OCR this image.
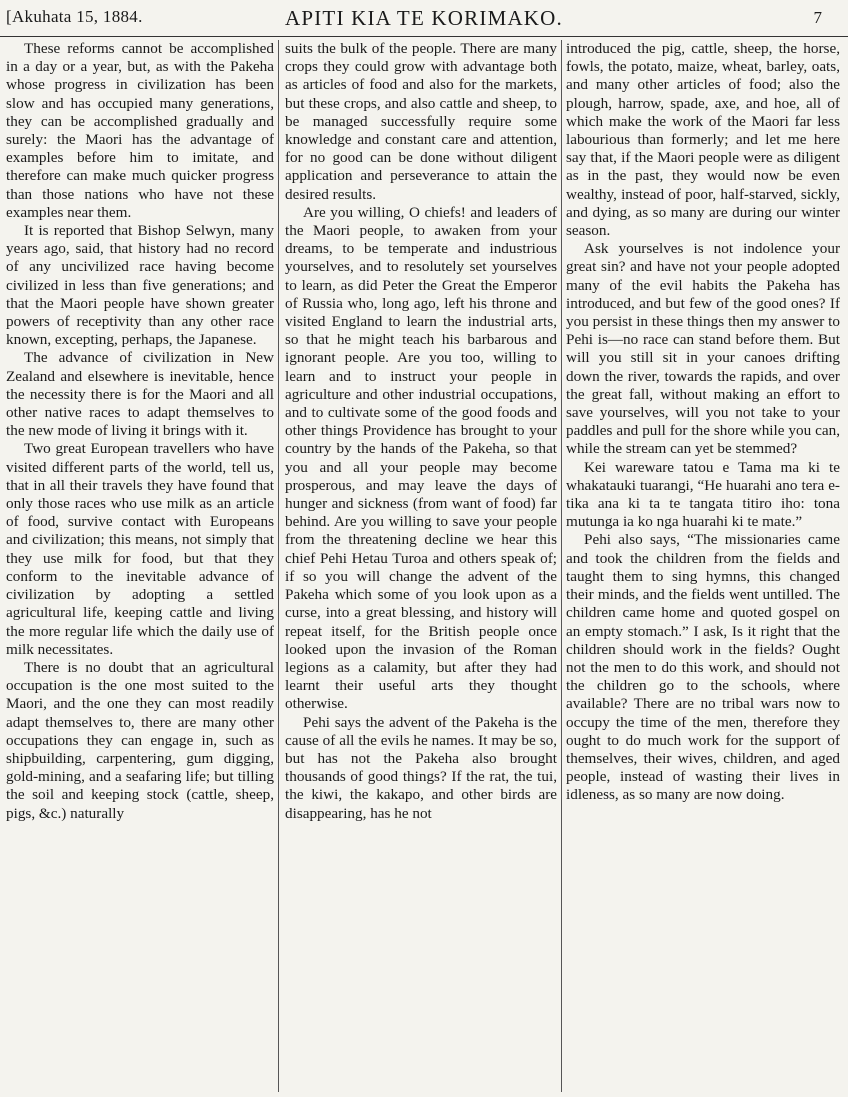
[Akuhata 15, 1884.	APITI KIA TE KORIMAKO.	7

These reforms cannot be accomplished in a day or a year, but, as with the Pakeha whose progress in civilization has been slow and has occupied many generations, they can be accomplished gradually and surely: the Maori has the advantage of examples before him to imitate, and therefore can make much quicker progress than those nations who have not these examples near them.

It is reported that Bishop Selwyn, many years ago, said, that history had no record of any uncivilized race having become civilized in less than five generations; and that the Maori people have shown greater powers of receptivity than any other race known, excepting, perhaps, the Japanese.

The advance of civilization in New Zealand and elsewhere is inevitable, hence the necessity there is for the Maori and all other native races to adapt themselves to the new mode of living it brings with it.

Two great European travellers who have visited different parts of the world, tell us, that in all their travels they have found that only those races who use milk as an article of food, survive contact with Europeans and civilization; this means, not simply that they use milk for food, but that they conform to the inevitable advance of civilization by adopting a settled agricultural life, keeping cattle and living the more regular life which the daily use of milk necessitates.

There is no doubt that an agricultural occupation is the one most suited to the Maori, and the one they can most readily adapt themselves to, there are many other occupations they can engage in, such as shipbuilding, carpentering, gum digging, gold-mining, and a seafaring life; but tilling the soil and keeping stock (cattle, sheep, pigs, &c.) naturally

suits the bulk of the people. There are many crops they could grow with advantage both as articles of food and also for the markets, but these crops, and also cattle and sheep, to be managed successfully require some knowledge and constant care and attention, for no good can be done without diligent application and perseverance to attain the desired results.

Are you willing, O chiefs! and leaders of the Maori people, to awaken from your dreams, to be temperate and industrious yourselves, and to resolutely set yourselves to learn, as did Peter the Great the Emperor of Russia who, long ago, left his throne and visited England to learn the industrial arts, so that he might teach his barbarous and ignorant people. Are you too, willing to learn and to instruct your people in agriculture and other industrial occupations, and to cultivate some of the good foods and other things Providence has brought to your country by the hands of the Pakeha, so that you and all your people may become prosperous, and may leave the days of hunger and sickness (from want of food) far behind. Are you willing to save your people from the threatening decline we hear this chief Pehi Hetau Turoa and others speak of; if so you will change the advent of the Pakeha which some of you look upon as a curse, into a great blessing, and history will repeat itself, for the British people once looked upon the invasion of the Roman legions as a calamity, but after they had learnt their useful arts they thought otherwise.

Pehi says the advent of the Pakeha is the cause of all the evils he names. It may be so, but has not the Pakeha also brought thousands of good things? If the rat, the tui, the kiwi, the kakapo, and other birds are disappearing, has he not

introduced the pig, cattle, sheep, the horse, fowls, the potato, maize, wheat, barley, oats, and many other articles of food; also the plough, harrow, spade, axe, and hoe, all of which make the work of the Maori far less labourious than formerly; and let me here say that, if the Maori people were as diligent as in the past, they would now be even wealthy, instead of poor, half-starved, sickly, and dying, as so many are during our winter season.

Ask yourselves is not indolence your great sin? and have not your people adopted many of the evil habits the Pakeha has introduced, and but few of the good ones? If you persist in these things then my answer to Pehi is—no race can stand before them. But will you still sit in your canoes drifting down the river, towards the rapids, and over the great fall, without making an effort to save yourselves, will you not take to your paddles and pull for the shore while you can, while the stream can yet be stemmed?

Kei wareware tatou e Tama ma ki te whakatauki tuarangi, “He huarahi ano tera e-tika ana ki ta te tangata titiro iho: tona mutunga ia ko nga huarahi ki te mate.”

Pehi also says, “The missionaries came and took the children from the fields and taught them to sing hymns, this changed their minds, and the fields went untilled. The children came home and quoted gospel on an empty stomach.” I ask, Is it right that the children should work in the fields? Ought not the men to do this work, and should not the children go to the schools, where available? There are no tribal wars now to occupy the time of the men, therefore they ought to do much work for the support of themselves, their wives, children, and aged people, instead of wasting their lives in idleness, as so many are now doing.
